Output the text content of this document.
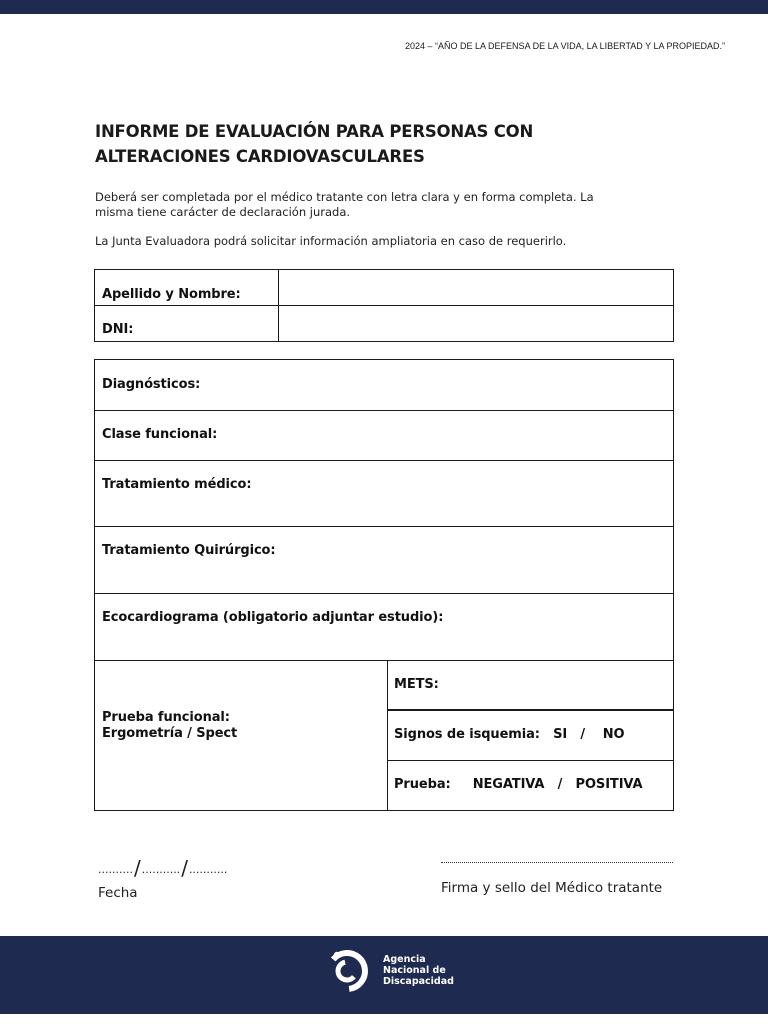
2024 – “AÑO DE LA DEFENSA DE LA VIDA, LA LIBERTAD Y LA PROPIEDAD.”
INFORME DE EVALUACIÓN PARA PERSONAS CON
ALTERACIONES CARDIOVASCULARES

Deberá ser completada por el médico tratante con letra clara y en forma completa. La

misma tiene carácter de declaración jurada.

La Junta Evaluadora podrá solicitar información ampliatoria en caso de requerirlo.

Apellido y Nombre:
DNI:
Diagnósticos:
Clase funcional:
Tratamiento médico:
Tratamiento Quirúrgico:
Ecocardiograma (obligatorio adjuntar estudio):
Prueba funcional:
Ergometría / Spect
METS:
Signos de isquemia:   SI   /    NO
Prueba:     NEGATIVA   /   POSITIVA
........../.........../...........
Fecha	Firma y sello del Médico tratante
Agencia
Nacional de
Discapacidad
